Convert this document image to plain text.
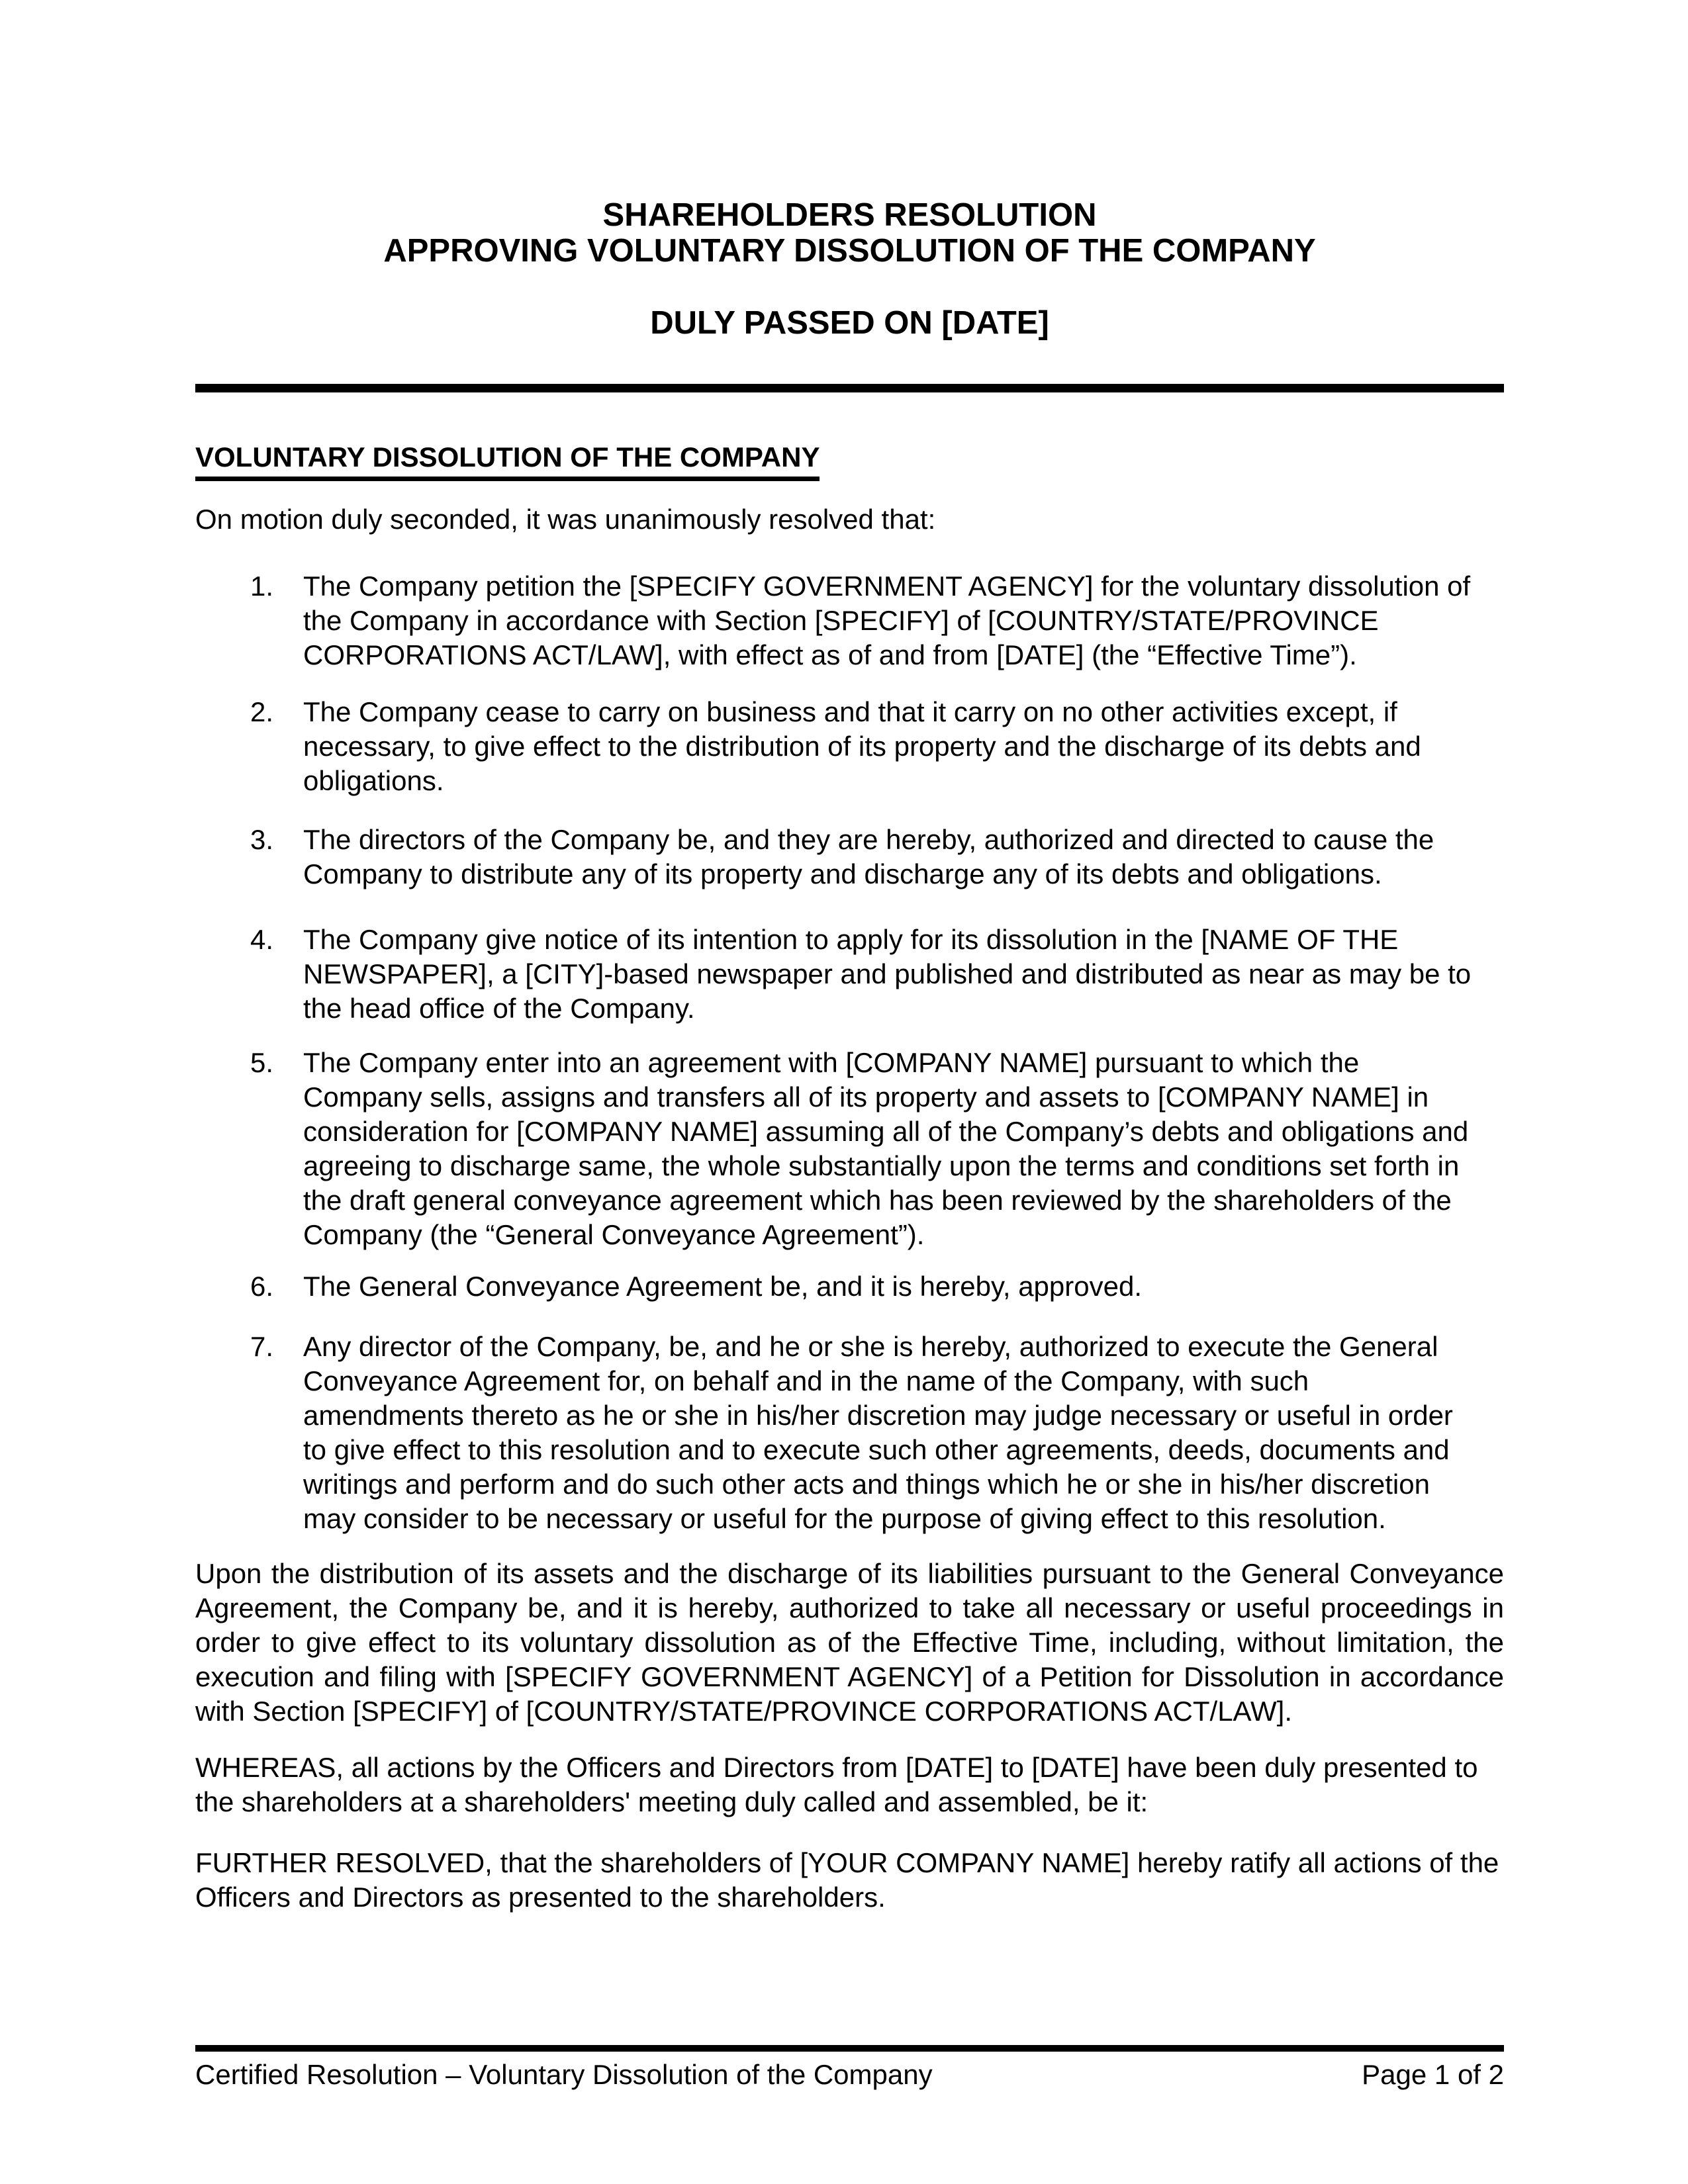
SHAREHOLDERS RESOLUTION
APPROVING VOLUNTARY DISSOLUTION OF THE COMPANY
DULY PASSED ON [DATE]
VOLUNTARY DISSOLUTION OF THE COMPANY
On motion duly seconded, it was unanimously resolved that:
1. The Company petition the [SPECIFY GOVERNMENT AGENCY] for the voluntary dissolution of the Company in accordance with Section [SPECIFY] of [COUNTRY/STATE/PROVINCE CORPORATIONS ACT/LAW], with effect as of and from [DATE] (the “Effective Time”).
2. The Company cease to carry on business and that it carry on no other activities except, if necessary, to give effect to the distribution of its property and the discharge of its debts and obligations.
3. The directors of the Company be, and they are hereby, authorized and directed to cause the Company to distribute any of its property and discharge any of its debts and obligations.
4. The Company give notice of its intention to apply for its dissolution in the [NAME OF THE NEWSPAPER], a [CITY]-based newspaper and published and distributed as near as may be to the head office of the Company.
5. The Company enter into an agreement with [COMPANY NAME] pursuant to which the Company sells, assigns and transfers all of its property and assets to [COMPANY NAME] in consideration for [COMPANY NAME] assuming all of the Company’s debts and obligations and agreeing to discharge same, the whole substantially upon the terms and conditions set forth in the draft general conveyance agreement which has been reviewed by the shareholders of the Company (the “General Conveyance Agreement”).
6. The General Conveyance Agreement be, and it is hereby, approved.
7. Any director of the Company, be, and he or she is hereby, authorized to execute the General Conveyance Agreement for, on behalf and in the name of the Company, with such amendments thereto as he or she in his/her discretion may judge necessary or useful in order to give effect to this resolution and to execute such other agreements, deeds, documents and writings and perform and do such other acts and things which he or she in his/her discretion may consider to be necessary or useful for the purpose of giving effect to this resolution.
Upon the distribution of its assets and the discharge of its liabilities pursuant to the General Conveyance Agreement, the Company be, and it is hereby, authorized to take all necessary or useful proceedings in order to give effect to its voluntary dissolution as of the Effective Time, including, without limitation, the execution and filing with [SPECIFY GOVERNMENT AGENCY] of a Petition for Dissolution in accordance with Section [SPECIFY] of [COUNTRY/STATE/PROVINCE CORPORATIONS ACT/LAW].
WHEREAS, all actions by the Officers and Directors from [DATE] to [DATE] have been duly presented to the shareholders at a shareholders' meeting duly called and assembled, be it:
FURTHER RESOLVED, that the shareholders of [YOUR COMPANY NAME] hereby ratify all actions of the Officers and Directors as presented to the shareholders.
Certified Resolution – Voluntary Dissolution of the Company	Page 1 of 2
